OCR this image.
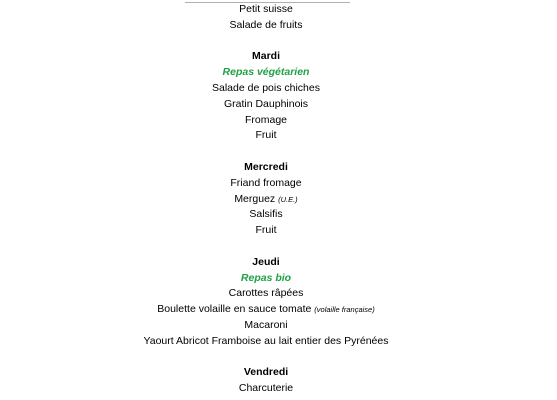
Petit suisse
Salade de fruits
Mardi
Repas végétarien
Salade de pois chiches
Gratin Dauphinois
Fromage
Fruit
Mercredi
Friand fromage
Merguez (U.E.)
Salsifis
Fruit
Jeudi
Repas bio
Carottes râpées
Boulette volaille en sauce tomate (volaille française)
Macaroni
Yaourt Abricot Framboise au lait entier des Pyrénées
Vendredi
Charcuterie
